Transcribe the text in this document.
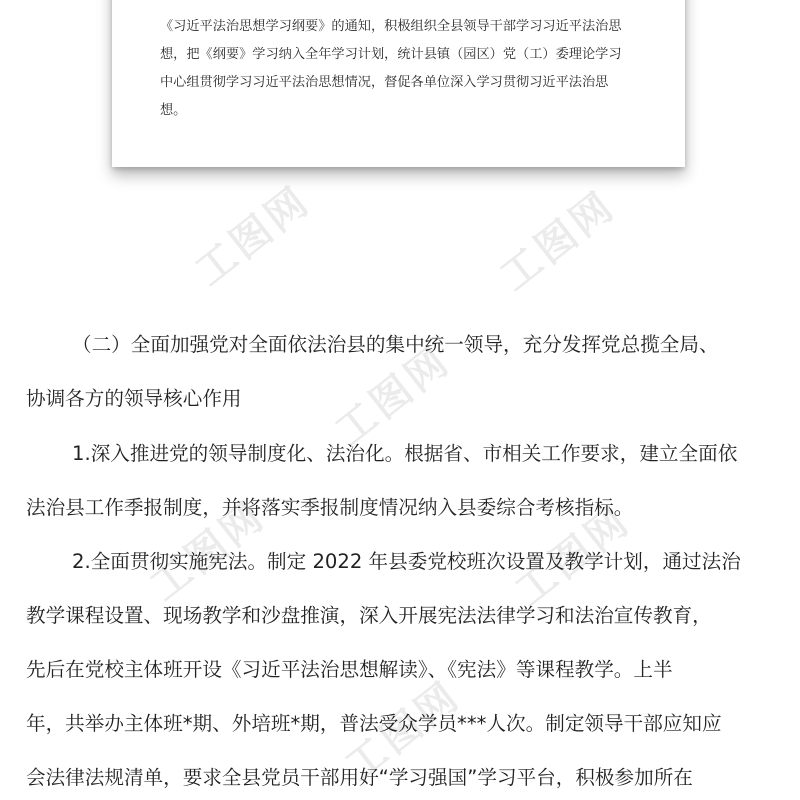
工图网	工图网
工图网
工图网	工图网
工图网

《习近平法治思想学习纲要》的通知，积极组织全县领导干部学习习近平法治思

想，把《纲要》学习纳入全年学习计划，统计县镇（园区）党（工）委理论学习

中心组贯彻学习习近平法治思想情况，督促各单位深入学习贯彻习近平法治思

想。

（二）全面加强党对全面依法治县的集中统一领导，充分发挥党总揽全局、

协调各方的领导核心作用

1.深入推进党的领导制度化、法治化。根据省、市相关工作要求，建立全面依

法治县工作季报制度，并将落实季报制度情况纳入县委综合考核指标。

2.全面贯彻实施宪法。制定 2022 年县委党校班次设置及教学计划，通过法治

教学课程设置、现场教学和沙盘推演，深入开展宪法法律学习和法治宣传教育，

先后在党校主体班开设《习近平法治思想解读》、《宪法》等课程教学。上半

年，共举办主体班*期、外培班*期，普法受众学员***人次。制定领导干部应知应

会法律法规清单，要求全县党员干部用好“学习强国”学习平台，积极参加所在
